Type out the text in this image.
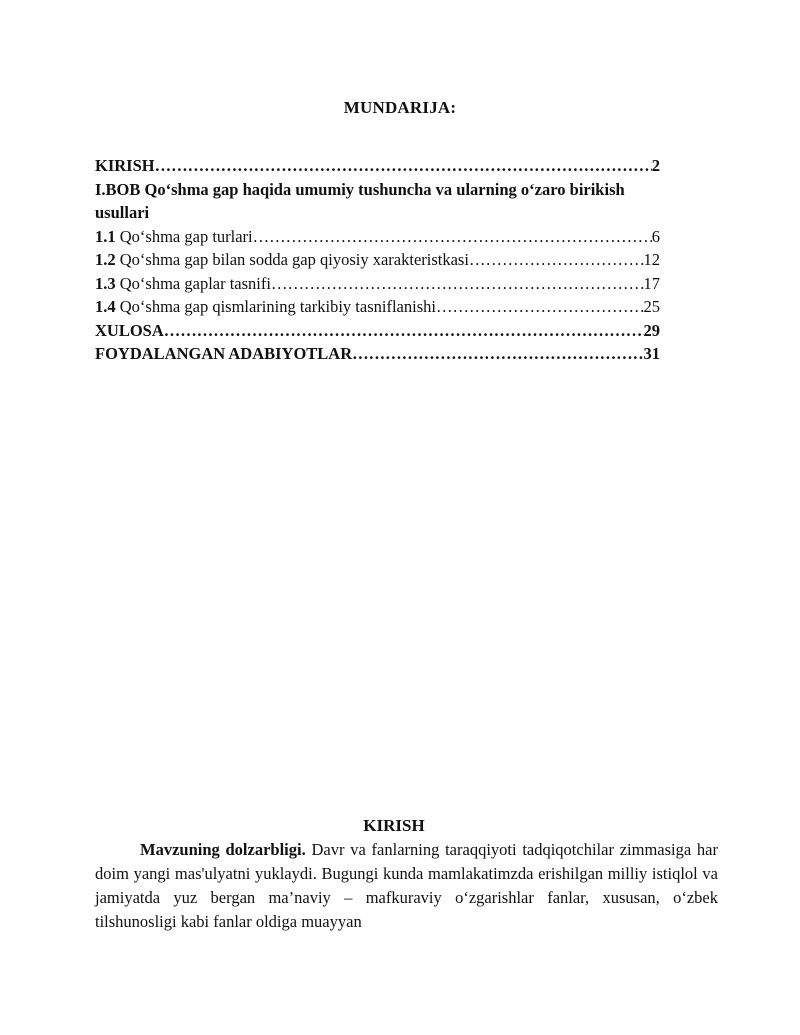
MUNDARIJA:
KIRISH …………………………………………………………………………………………………………………………………………………………	2
I.BOB Qo‘shma gap haqida umumiy tushuncha va ularning o‘zaro birikish usullari
1.1 Qo‘shma gap turlari …………………………………………………………………………………………………………………………………………………………	6
1.2 Qo‘shma gap bilan sodda gap qiyosiy xarakteristkasi …………………………………………………………………………………………………………………………………………………………	12
1.3 Qo‘shma gaplar tasnifi …………………………………………………………………………………………………………………………………………………………	17
1.4 Qo‘shma gap qismlarining tarkibiy tasniflanishi …………………………………………………………………………………………………………………………………………………………	25
XULOSA …………………………………………………………………………………………………………………………………………………………	29
FOYDALANGAN ADABIYOTLAR …………………………………………………………………………………………………………………………………………………………	31
KIRISH

Mavzuning dolzarbligi. Davr va fanlarning taraqqiyoti tadqiqotchilar zimmasiga har doim yangi mas'ulyatni yuklaydi. Bugungi kunda mamlakatimzda erishilgan milliy istiqlol va jamiyatda yuz bergan ma’naviy – mafkuraviy o‘zgarishlar fanlar, xususan, o‘zbek tilshunosligi kabi fanlar oldiga muayyan
